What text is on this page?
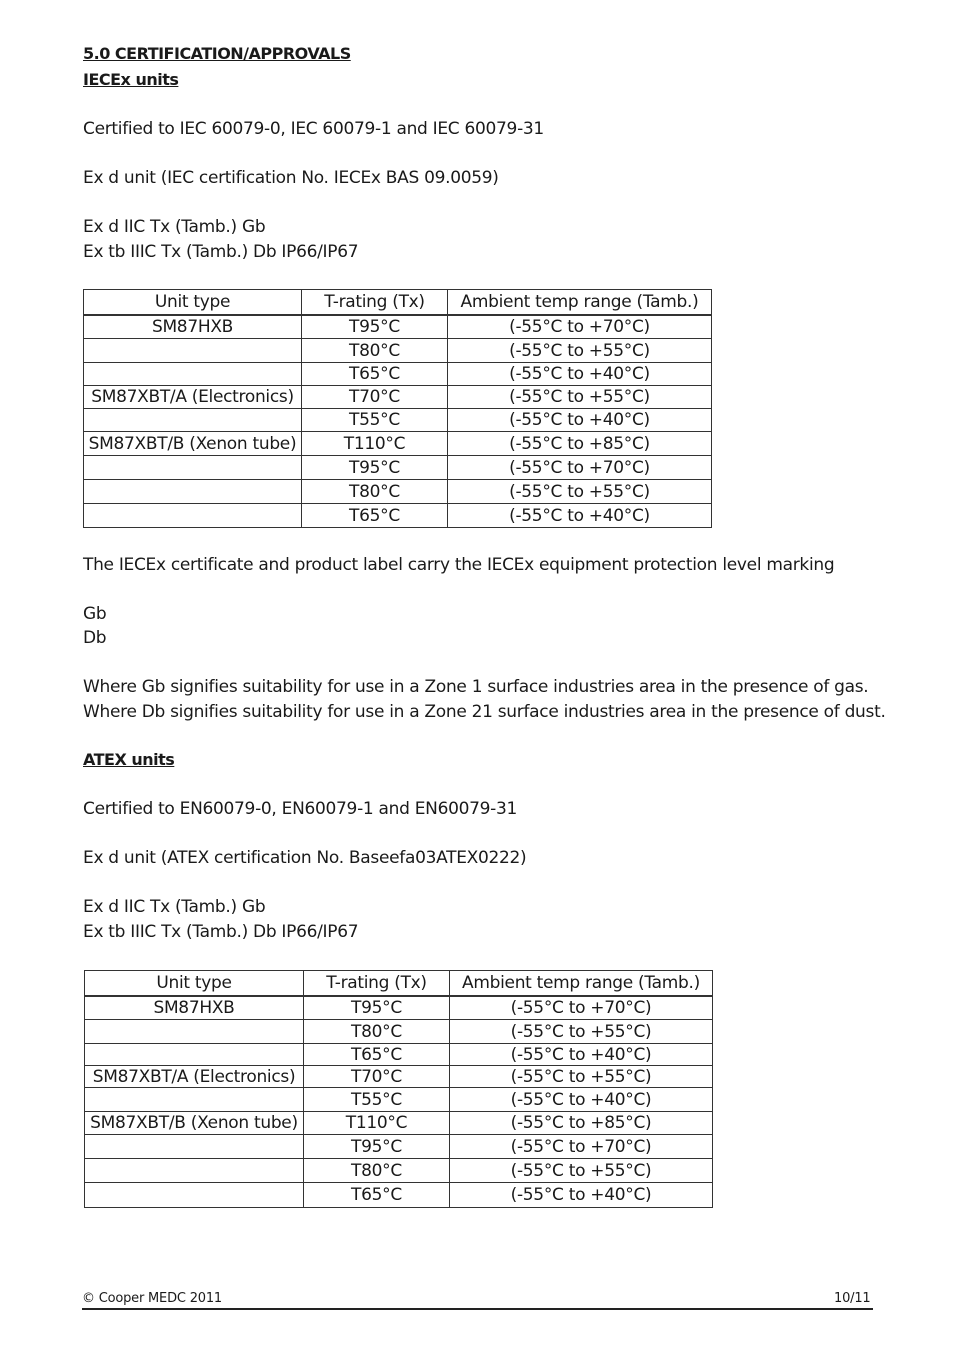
5.0 CERTIFICATION/APPROVALS
IECEx units
Certified to IEC 60079-0, IEC 60079-1 and IEC 60079-31
Ex d unit (IEC certification No. IECEx BAS 09.0059)
Ex d IIC Tx (Tamb.) Gb
Ex tb IIIC Tx (Tamb.) Db IP66/IP67
Unit type	T-rating (Tx)	Ambient temp range (Tamb.)
SM87HXB	T95°C	(-55°C to +70°C)
	T80°C	(-55°C to +55°C)
	T65°C	(-55°C to +40°C)
SM87XBT/A (Electronics)	T70°C	(-55°C to +55°C)
	T55°C	(-55°C to +40°C)
SM87XBT/B (Xenon tube)	T110°C	(-55°C to +85°C)
	T95°C	(-55°C to +70°C)
	T80°C	(-55°C to +55°C)
	T65°C	(-55°C to +40°C)
The IECEx certificate and product label carry the IECEx equipment protection level marking
Gb
Db
Where Gb signifies suitability for use in a Zone 1 surface industries area in the presence of gas.
Where Db signifies suitability for use in a Zone 21 surface industries area in the presence of dust.
ATEX units
Certified to EN60079-0, EN60079-1 and EN60079-31
Ex d unit (ATEX certification No. Baseefa03ATEX0222)
Ex d IIC Tx (Tamb.) Gb
Ex tb IIIC Tx (Tamb.) Db IP66/IP67
Unit type	T-rating (Tx)	Ambient temp range (Tamb.)
SM87HXB	T95°C	(-55°C to +70°C)
	T80°C	(-55°C to +55°C)
	T65°C	(-55°C to +40°C)
SM87XBT/A (Electronics)	T70°C	(-55°C to +55°C)
	T55°C	(-55°C to +40°C)
SM87XBT/B (Xenon tube)	T110°C	(-55°C to +85°C)
	T95°C	(-55°C to +70°C)
	T80°C	(-55°C to +55°C)
	T65°C	(-55°C to +40°C)
© Cooper MEDC 2011	10/11
